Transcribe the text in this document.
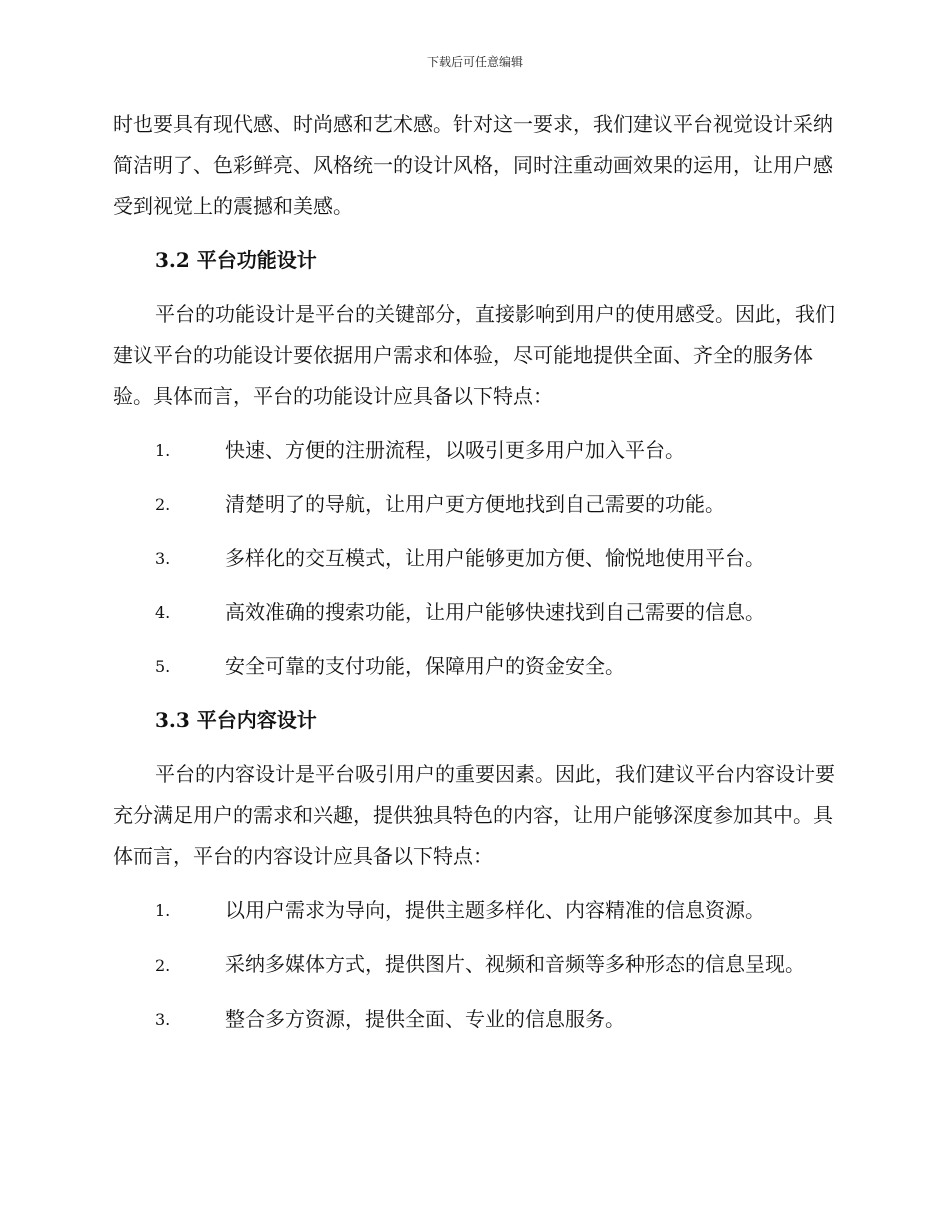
下载后可任意编辑

时也要具有现代感、时尚感和艺术感。针对这一要求，我们建议平台视觉设计采纳简洁明了、色彩鲜亮、风格统一的设计风格，同时注重动画效果的运用，让用户感受到视觉上的震撼和美感。

3.2 平台功能设计

平台的功能设计是平台的关键部分，直接影响到用户的使用感受。因此，我们建议平台的功能设计要依据用户需求和体验，尽可能地提供全面、齐全的服务体验。具体而言，平台的功能设计应具备以下特点：

1.	快速、方便的注册流程，以吸引更多用户加入平台。
2.	清楚明了的导航，让用户更方便地找到自己需要的功能。
3.	多样化的交互模式，让用户能够更加方便、愉悦地使用平台。
4.	高效准确的搜索功能，让用户能够快速找到自己需要的信息。
5.	安全可靠的支付功能，保障用户的资金安全。
3.3 平台内容设计

平台的内容设计是平台吸引用户的重要因素。因此，我们建议平台内容设计要充分满足用户的需求和兴趣，提供独具特色的内容，让用户能够深度参加其中。具体而言，平台的内容设计应具备以下特点：

1.	以用户需求为导向，提供主题多样化、内容精准的信息资源。
2.	采纳多媒体方式，提供图片、视频和音频等多种形态的信息呈现。
3.	整合多方资源，提供全面、专业的信息服务。
